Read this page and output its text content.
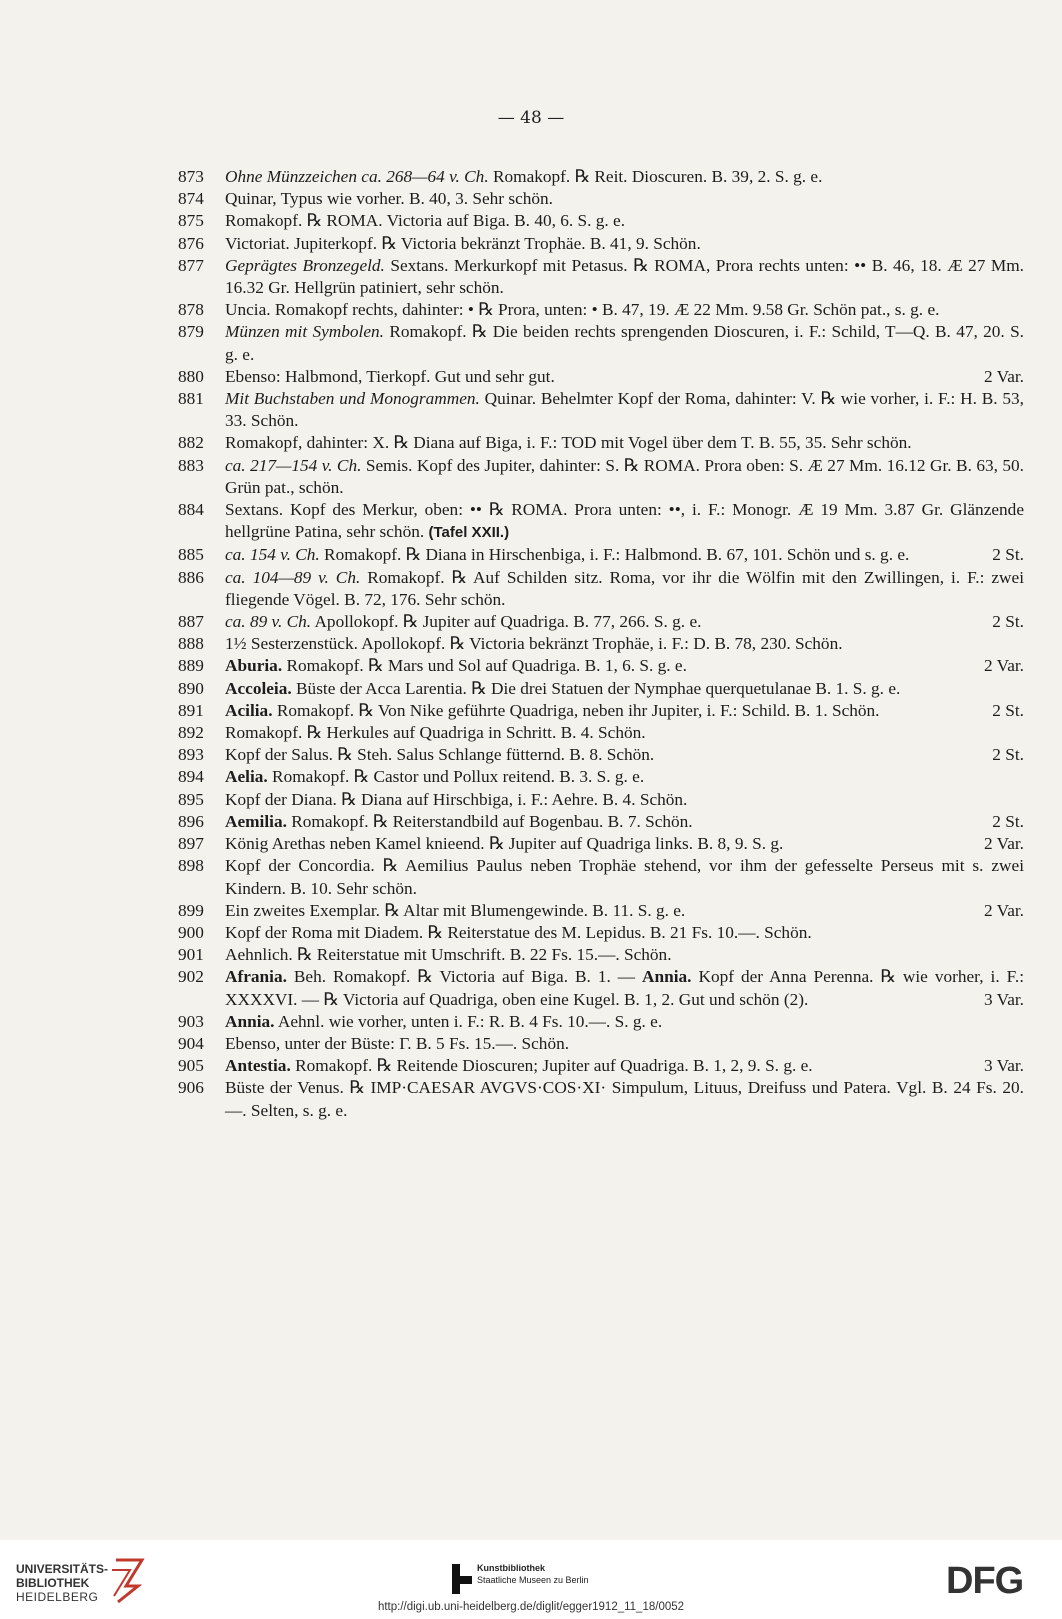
— 48 —
873 Ohne Münzzeichen ca. 268—64 v. Ch. Romakopf. ℞ Reit. Dioscuren. B. 39, 2. S. g. e.
874 Quinar, Typus wie vorher. B. 40, 3. Sehr schön.
875 Romakopf. ℞ ROMA. Victoria auf Biga. B. 40, 6. S. g. e.
876 Victoriat. Jupiterkopf. ℞ Victoria bekränzt Trophäe. B. 41, 9. Schön.
877 Geprägtes Bronzegeld. Sextans. Merkurkopf mit Petasus. ℞ ROMA, Prora rechts unten: •• B. 46, 18. Æ 27 Mm. 16.32 Gr. Hellgrün patiniert, sehr schön.
878 Uncia. Romakopf rechts, dahinter: • ℞ Prora, unten: • B. 47, 19. Æ 22 Mm. 9.58 Gr. Schön pat., s. g. e.
879 Münzen mit Symbolen. Romakopf. ℞ Die beiden rechts sprengenden Dioscuren, i. F.: Schild, T—Q. B. 47, 20. S. g. e.
880 Ebenso: Halbmond, Tierkopf. Gut und sehr gut.	2 Var.
881 Mit Buchstaben und Monogrammen. Quinar. Behelmter Kopf der Roma, dahinter: V. ℞ wie vorher, i. F.: H. B. 53, 33. Schön.
882 Romakopf, dahinter: X. ℞ Diana auf Biga, i. F.: TOD mit Vogel über dem T. B. 55, 35. Sehr schön.
883 ca. 217—154 v. Ch. Semis. Kopf des Jupiter, dahinter: S. ℞ ROMA. Prora oben: S. Æ 27 Mm. 16.12 Gr. B. 63, 50. Grün pat., schön.
884 Sextans. Kopf des Merkur, oben: •• ℞ ROMA. Prora unten: ••, i. F.: Monogr. Æ 19 Mm. 3.87 Gr. Glänzende hellgrüne Patina, sehr schön. (Tafel XXII.)
885 ca. 154 v. Ch. Romakopf. ℞ Diana in Hirschenbiga, i. F.: Halbmond. B. 67, 101. Schön und s. g. e.	2 St.
886 ca. 104—89 v. Ch. Romakopf. ℞ Auf Schilden sitz. Roma, vor ihr die Wölfin mit den Zwillingen, i. F.: zwei fliegende Vögel. B. 72, 176. Sehr schön.
887 ca. 89 v. Ch. Apollokopf. ℞ Jupiter auf Quadriga. B. 77, 266. S. g. e.	2 St.
888 1½ Sesterzenstück. Apollokopf. ℞ Victoria bekränzt Trophäe, i. F.: D. B. 78, 230. Schön.
889 Aburia. Romakopf. ℞ Mars und Sol auf Quadriga. B. 1, 6. S. g. e.	2 Var.
890 Accoleia. Büste der Acca Larentia. ℞ Die drei Statuen der Nymphae querquetulanae B. 1. S. g. e.
891 Acilia. Romakopf. ℞ Von Nike geführte Quadriga, neben ihr Jupiter, i. F.: Schild. B. 1. Schön.	2 St.
892 Romakopf. ℞ Herkules auf Quadriga in Schritt. B. 4. Schön.
893 Kopf der Salus. ℞ Steh. Salus Schlange fütternd. B. 8. Schön.	2 St.
894 Aelia. Romakopf. ℞ Castor und Pollux reitend. B. 3. S. g. e.
895 Kopf der Diana. ℞ Diana auf Hirschbiga, i. F.: Aehre. B. 4. Schön.
896 Aemilia. Romakopf. ℞ Reiterstandbild auf Bogenbau. B. 7. Schön.	2 St.
897 König Arethas neben Kamel knieend. ℞ Jupiter auf Quadriga links. B. 8, 9. S. g.	2 Var.
898 Kopf der Concordia. ℞ Aemilius Paulus neben Trophäe stehend, vor ihm der gefesselte Perseus mit s. zwei Kindern. B. 10. Sehr schön.
899 Ein zweites Exemplar. ℞ Altar mit Blumengewinde. B. 11. S. g. e.	2 Var.
900 Kopf der Roma mit Diadem. ℞ Reiterstatue des M. Lepidus. B. 21 Fs. 10.—. Schön.
901 Aehnlich. ℞ Reiterstatue mit Umschrift. B. 22 Fs. 15.—. Schön.
902 Afrania. Beh. Romakopf. ℞ Victoria auf Biga. B. 1. — Annia. Kopf der Anna Perenna. ℞ wie vorher, i. F.: XXXXVI. — ℞ Victoria auf Quadriga, oben eine Kugel. B. 1, 2. Gut und schön (2).	3 Var.
903 Annia. Aehnl. wie vorher, unten i. F.: R. B. 4 Fs. 10.—. S. g. e.
904 Ebenso, unter der Büste: Г. B. 5 Fs. 15.—. Schön.
905 Antestia. Romakopf. ℞ Reitende Dioscuren; Jupiter auf Quadriga. B. 1, 2, 9. S. g. e.	3 Var.
906 Büste der Venus. ℞ IMP·CAESAR AVGVS·COS·XI· Simpulum, Lituus, Dreifuss und Patera. Vgl. B. 24 Fs. 20.—. Selten, s. g. e.
UNIVERSITÄTS-
BIBLIOTHEK
HEIDELBERG
Kunstbibliothek
Staatliche Museen zu Berlin	DFG
http://digi.ub.uni-heidelberg.de/diglit/egger1912_11_18/0052
